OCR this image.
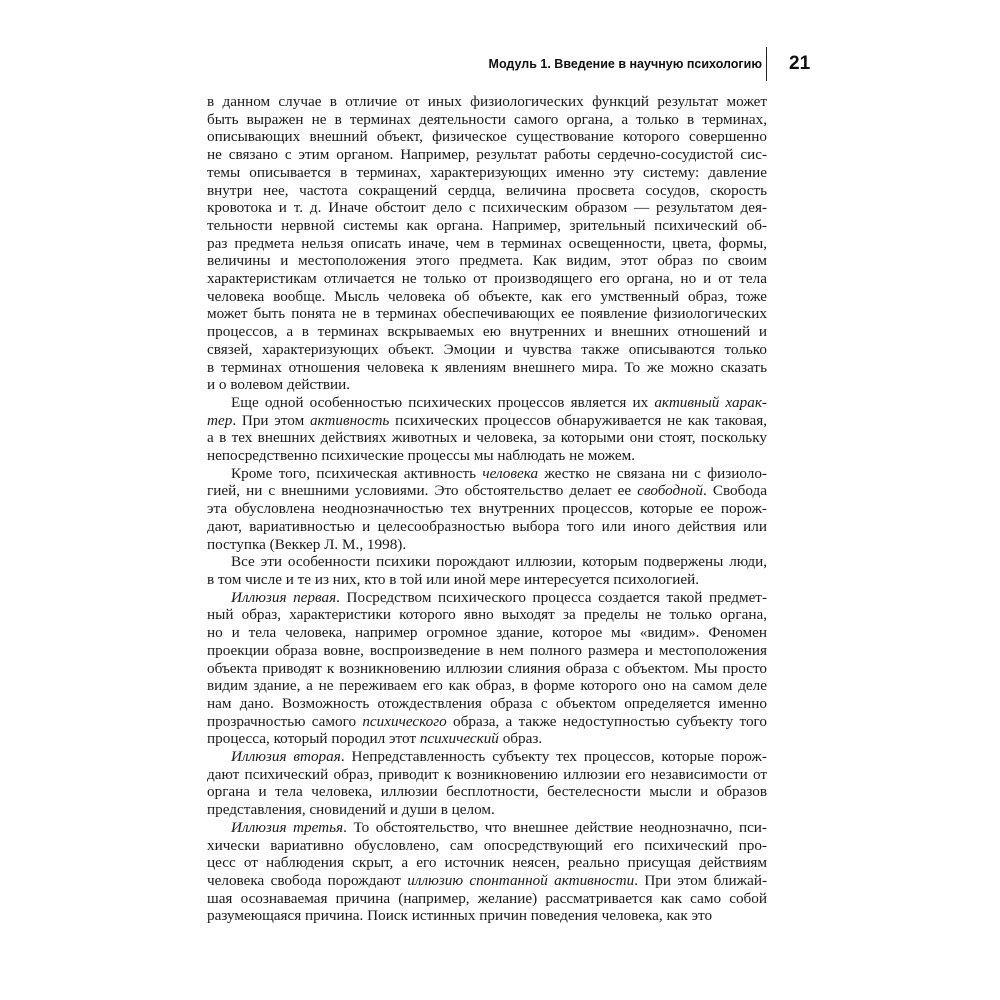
Модуль 1. Введение в научную психологию 21
в данном случае в отличие от иных физиологических функций результат может
быть выражен не в терминах деятельности самого органа, а только в терминах,
описывающих внешний объект, физическое существование которого совершенно
не связано с этим органом. Например, результат работы сердечно-сосудистой сис-
темы описывается в терминах, характеризующих именно эту систему: давление
внутри нее, частота сокращений сердца, величина просвета сосудов, скорость
кровотока и т. д. Иначе обстоит дело с психическим образом — результатом дея-
тельности нервной системы как органа. Например, зрительный психический об-
раз предмета нельзя описать иначе, чем в терминах освещенности, цвета, формы,
величины и местоположения этого предмета. Как видим, этот образ по своим
характеристикам отличается не только от производящего его органа, но и от тела
человека вообще. Мысль человека об объекте, как его умственный образ, тоже
может быть понята не в терминах обеспечивающих ее появление физиологических
процессов, а в терминах вскрываемых ею внутренних и внешних отношений и
связей, характеризующих объект. Эмоции и чувства также описываются только
в терминах отношения человека к явлениям внешнего мира. То же можно сказать
и о волевом действии.
Еще одной особенностью психических процессов является их активный харак-
тер. При этом активность психических процессов обнаруживается не как таковая,
а в тех внешних действиях животных и человека, за которыми они стоят, поскольку
непосредственно психические процессы мы наблюдать не можем.
Кроме того, психическая активность человека жестко не связана ни с физиоло-
гией, ни с внешними условиями. Это обстоятельство делает ее свободной. Свобода
эта обусловлена неоднозначностью тех внутренних процессов, которые ее порож-
дают, вариативностью и целесообразностью выбора того или иного действия или
поступка (Веккер Л. М., 1998).
Все эти особенности психики порождают иллюзии, которым подвержены люди,
в том числе и те из них, кто в той или иной мере интересуется психологией.
Иллюзия первая. Посредством психического процесса создается такой предмет-
ный образ, характеристики которого явно выходят за пределы не только органа,
но и тела человека, например огромное здание, которое мы «видим». Феномен
проекции образа вовне, воспроизведение в нем полного размера и местоположения
объекта приводят к возникновению иллюзии слияния образа с объектом. Мы просто
видим здание, а не переживаем его как образ, в форме которого оно на самом деле
нам дано. Возможность отождествления образа с объектом определяется именно
прозрачностью самого психического образа, а также недоступностью субъекту того
процесса, который породил этот психический образ.
Иллюзия вторая. Непредставленность субъекту тех процессов, которые порож-
дают психический образ, приводит к возникновению иллюзии его независимости от
органа и тела человека, иллюзии бесплотности, бестелесности мысли и образов
представления, сновидений и души в целом.
Иллюзия третья. То обстоятельство, что внешнее действие неоднозначно, пси-
хически вариативно обусловлено, сам опосредствующий его психический про-
цесс от наблюдения скрыт, а его источник неясен, реально присущая действиям
человека свобода порождают иллюзию спонтанной активности. При этом ближай-
шая осознаваемая причина (например, желание) рассматривается как само собой
разумеющаяся причина. Поиск истинных причин поведения человека, как это
